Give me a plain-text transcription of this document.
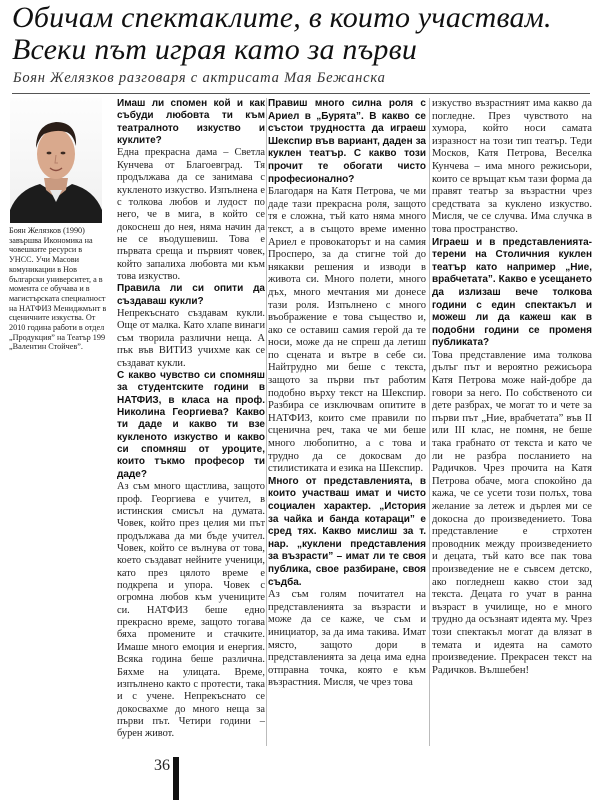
Обичам спектаклите, в които участвам.
Всеки път играя като за първи
Боян Желязков разговаря с актрисата Мая Бежанска
Боян Желязков (1990) завършва Икономика на човешките ресурси в УНСС. Учи Масови комуникации в Нов български университет, а в момента се обучава и в магистърската специалност на НАТФИЗ Мениджмънт в сценичните изкуства. От 2010 година работи в отдел „Продукция” на Театър 199 „Валентин Стойчев”.

Имаш ли спомен кой и как събуди любовта ти към театралното изкуство и куклите?

Една прекрасна дама – Светла Кунчева от Благоевград. Тя продължава да се занимава с кукленото изкуство. Изпълнена е с толкова любов и лудост по него, че в мига, в който се докоснеш до нея, няма начин да не се въодушевиш. Това е първата среща и първият човек, който запалиха любовта ми към това изкуство.

Правила ли си опити да създаваш кукли?

Непрекъснато създавам кукли. Още от малка. Като хлапе винаги съм творила различни неща. А пък във ВИТИЗ учихме как се създават кукли.

С какво чувство си спомняш за студентските години в НАТФИЗ, в класа на проф. Николина Георгиева? Какво ти даде и какво ти взе кукленото изкуство и какво си спомняш от уроците, които тъкмо професор ти даде?

Аз съм много щастлива, защото проф. Георгиева е учител, в истинския смисъл на думата. Човек, който през целия ми път продължава да ми бъде учител. Човек, който се вълнува от това, което създават нейните ученици, като през цялото време е подкрепа и упора. Човек с огромна любов към учениците си. НАТФИЗ беше едно прекрасно време, защото тогава бяха промените и стачките. Имаше много емоция и енергия. Всяка година беше различна. Бяхме на улицата. Време, изпълнено както с протести, така и с учене. Непрекъснато се докосвахме до много неща за първи път. Четири години – бурен живот.

Правиш много силна роля с Ариел в „Бурята”. В какво се състои трудността да играеш Шекспир във вариант, даден за куклен театър. С какво този прочит те обогати чисто професионално?

Благодаря на Катя Петрова, че ми даде тази прекрасна роля, защото тя е сложна, тъй като няма много текст, а в същото време именно Ариел е провокаторът и на самия Просперо, за да стигне той до някакви решения и изводи в живота си. Много полети, много дъх, много мечтания ми донесе тази роля. Изпълнено с много въображение е това същество и, ако се оставиш самия герой да те носи, може да не спреш да летиш по сцената и вътре в себе си. Найтрудно ми беше с текста, защото за първи път работим подобно върху текст на Шекспир. Разбира се изключвам опитите в НАТФИЗ, които сме правили по сценична реч, така че ми беше много любопитно, а с това и трудно да се докосвам до стилистиката и езика на Шекспир.

Много от представленията, в които участваш имат и чисто социален характер. „История за чайка и банда котараци” е сред тях. Какво мислиш за т. нар. „куклени представления за възрасти” – имат ли те своя публика, свое разбиране, своя съдба.

Аз съм голям почитател на представленията за възрасти и може да се каже, че съм и инициатор, за да има такива. Имат място, защото дори в представленията за деца има една отправна точка, която е към възрастния. Мисля, че чрез това

изкуство възрастният има какво да погледне. През чувството на хумора, който носи самата изразност на този тип театър. Теди Москов, Катя Петрова, Веселка Кунчева – има много режисьори, които се връщат към тази форма да правят театър за възрастни чрез средствата за куклено изкуство. Мисля, че се случва. Има случка в това пространство.

Играеш и в представленията-терени на Столичния куклен театър като например „Ние, врабчетата”. Какво е усещането да излизаш вече толкова години с един спектакъл и можеш ли да кажеш как в подобни години се променя публиката?

Това представление има толкова дълъг път и вероятно режисьора Катя Петрова може най-добре да говори за него. По собственото си дете разбрах, че могат то и чете за първи път „Ние, врабчетата” във II или III клас, не помня, не беше така грабнато от текста и като че ли не разбра посланието на Радичков. Чрез прочита на Катя Петрова обаче, мога спокойно да кажа, че се усети този полъх, това желание за летеж и дърлея ми се докосна до произведението. Това представление е стрхотен проводник между произведението и децата, тъй като все пак това произведение не е съвсем детско, ако погледнеш какво стои зад текста. Децата го учат в ранна възраст в училище, но е много трудно да осъзнаят идеята му. Чрез този спектакъл могат да влязат в темата и идеята на самото произведение. Прекрасен текст на Радичков. Вълшебен!

36
